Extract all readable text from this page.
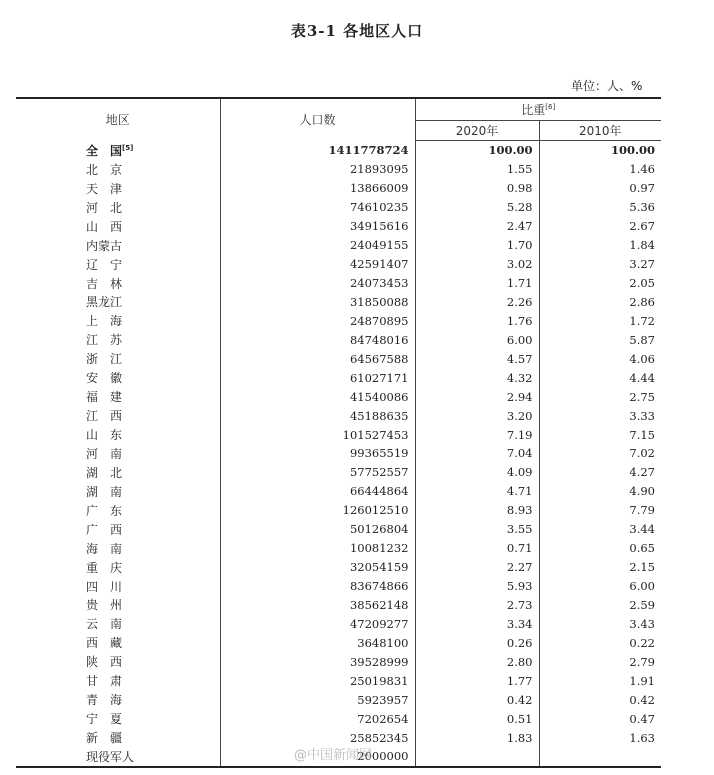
表3-1 各地区人口
单位：人、%
地区	人口数	比重[6]
		2020年	2010年
全　国[5]	1411778724	100.00	100.00
北　京	21893095	1.55	1.46
天　津	13866009	0.98	0.97
河　北	74610235	5.28	5.36
山　西	34915616	2.47	2.67
内蒙古	24049155	1.70	1.84
辽　宁	42591407	3.02	3.27
吉　林	24073453	1.71	2.05
黑龙江	31850088	2.26	2.86
上　海	24870895	1.76	1.72
江　苏	84748016	6.00	5.87
浙　江	64567588	4.57	4.06
安　徽	61027171	4.32	4.44
福　建	41540086	2.94	2.75
江　西	45188635	3.20	3.33
山　东	101527453	7.19	7.15
河　南	99365519	7.04	7.02
湖　北	57752557	4.09	4.27
湖　南	66444864	4.71	4.90
广　东	126012510	8.93	7.79
广　西	50126804	3.55	3.44
海　南	10081232	0.71	0.65
重　庆	32054159	2.27	2.15
四　川	83674866	5.93	6.00
贵　州	38562148	2.73	2.59
云　南	47209277	3.34	3.43
西　藏	3648100	0.26	0.22
陕　西	39528999	2.80	2.79
甘　肃	25019831	1.77	1.91
青　海	5923957	0.42	0.42
宁　夏	7202654	0.51	0.47
新　疆	25852345	1.83	1.63
现役军人	2000000		
@中国新闻网
